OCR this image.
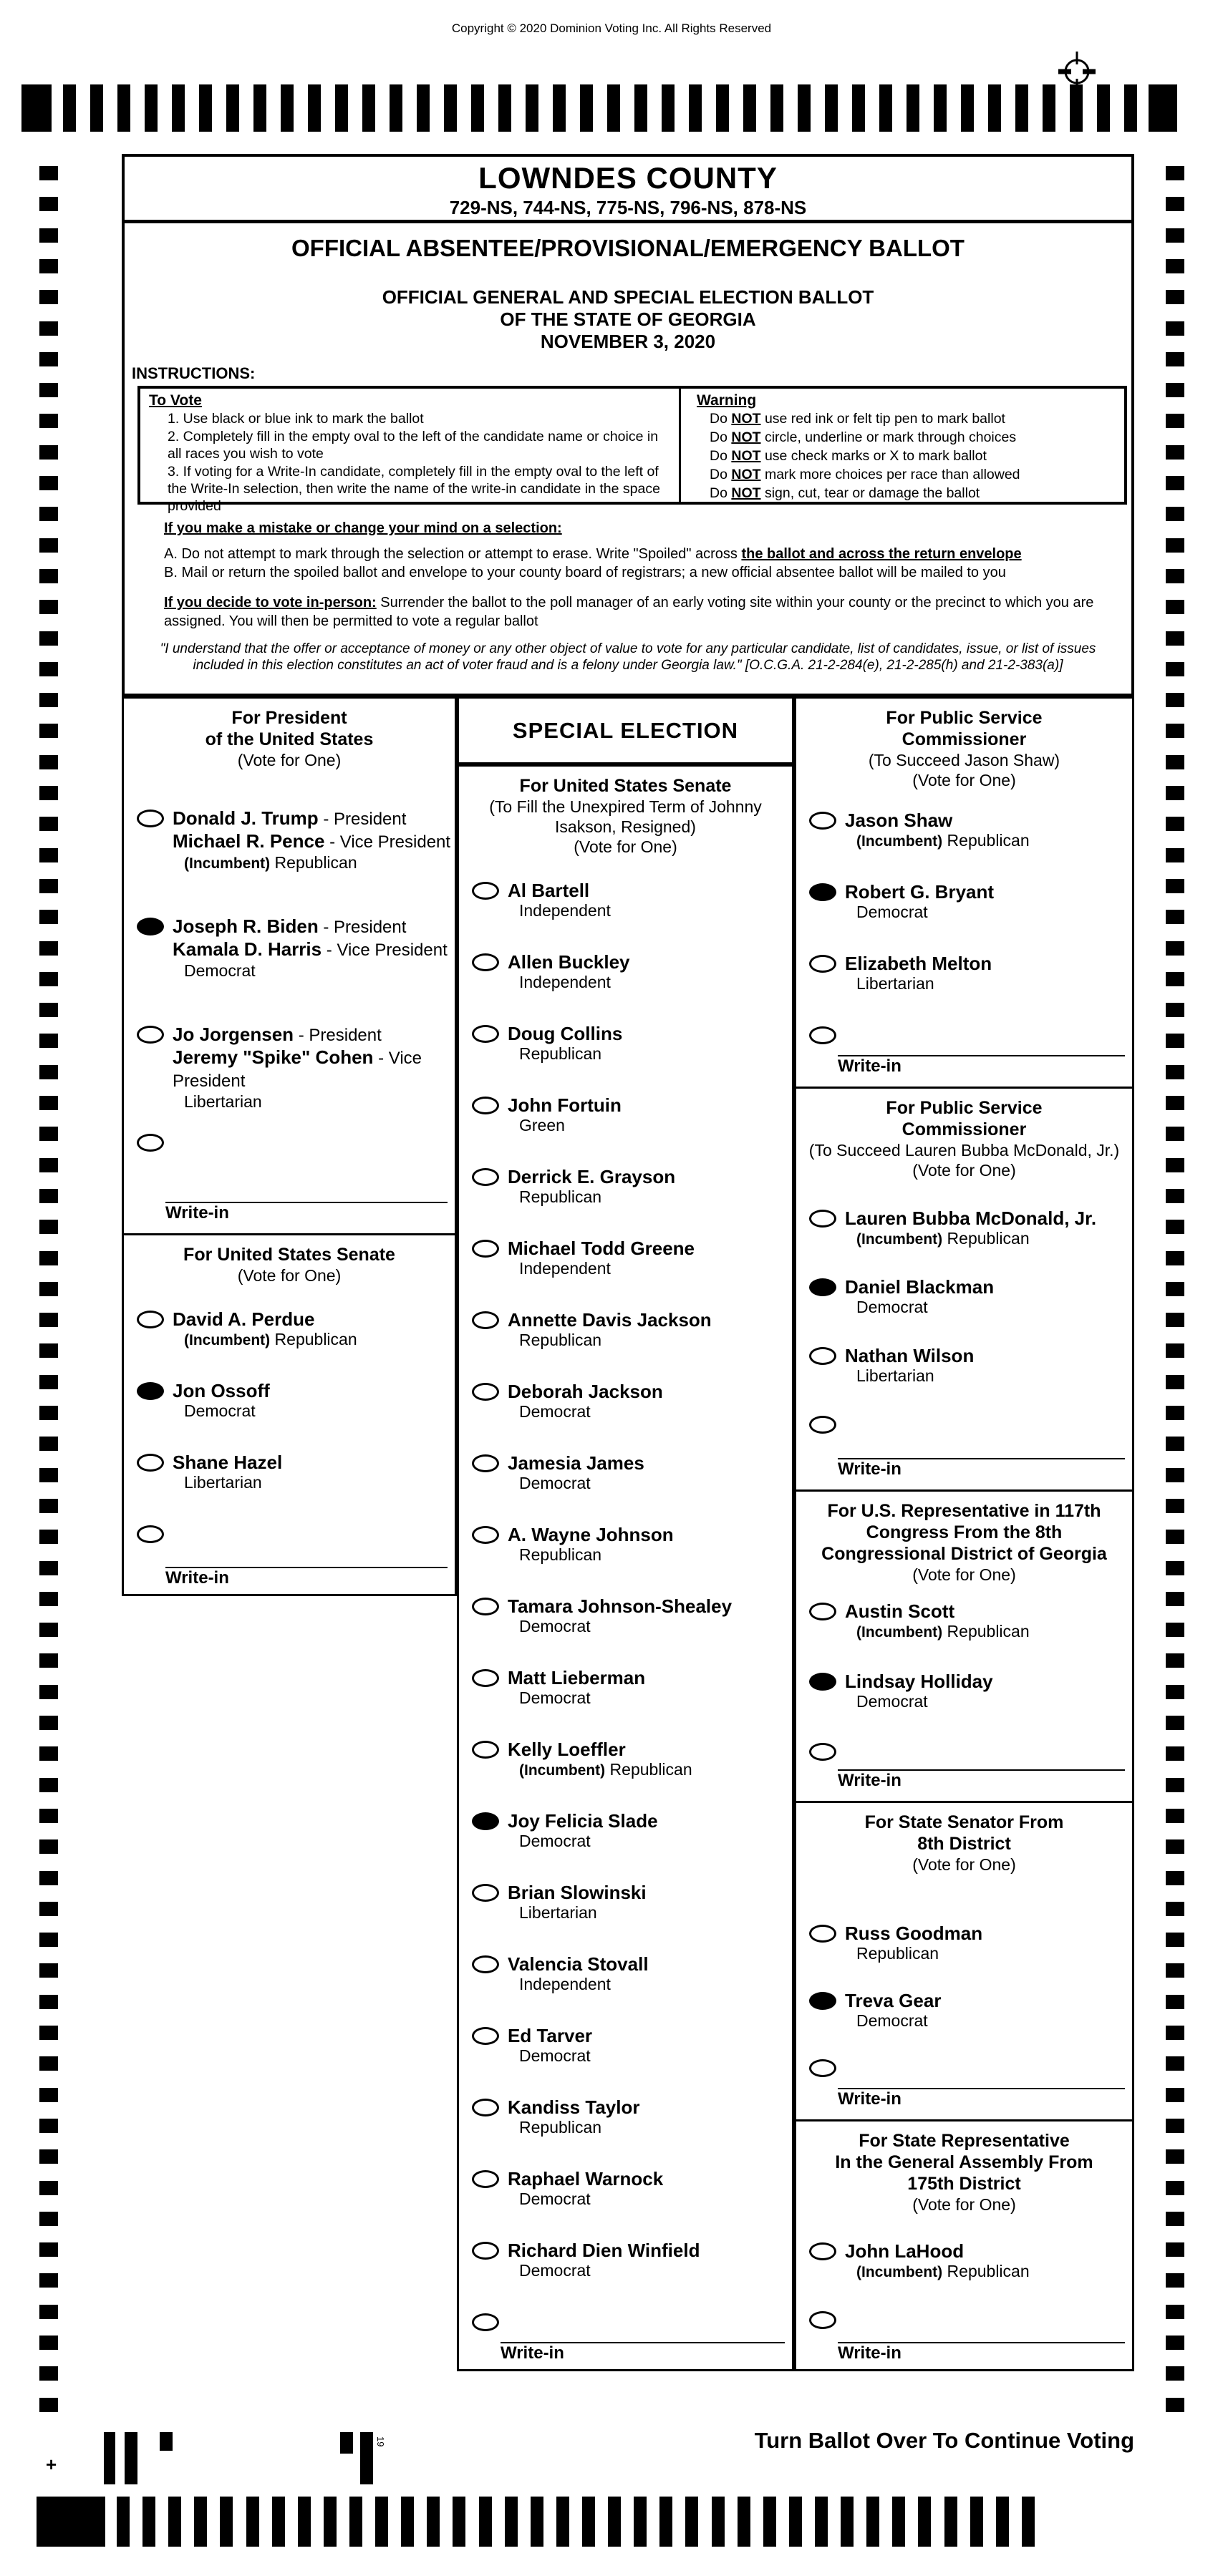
Copyright © 2020 Dominion Voting Inc. All Rights Reserved
LOWNDES COUNTY
729-NS, 744-NS, 775-NS, 796-NS, 878-NS
OFFICIAL ABSENTEE/PROVISIONAL/EMERGENCY BALLOT
OFFICIAL GENERAL AND SPECIAL ELECTION BALLOT
OF THE STATE OF GEORGIA
NOVEMBER 3, 2020
INSTRUCTIONS:
To Vote

1. Use black or blue ink to mark the ballot

2. Completely fill in the empty oval to the left of the candidate name or choice in all races you wish to vote

3. If voting for a Write-In candidate, completely fill in the empty oval to the left of the Write-In selection, then write the name of the write-in candidate in the space provided

Warning

Do NOT use red ink or felt tip pen to mark ballot

Do NOT circle, underline or mark through choices

Do NOT use check marks or X to mark ballot

Do NOT mark more choices per race than allowed

Do NOT sign, cut, tear or damage the ballot

If you make a mistake or change your mind on a selection:

A. Do not attempt to mark through the selection or attempt to erase. Write "Spoiled" across the ballot and across the return envelope

B. Mail or return the spoiled ballot and envelope to your county board of registrars; a new official absentee ballot will be mailed to you

If you decide to vote in-person: Surrender the ballot to the poll manager of an early voting site within your county or the precinct to which you are assigned. You will then be permitted to vote a regular ballot

"I understand that the offer or acceptance of money or any other object of value to vote for any particular candidate, list of candidates, issue, or list of issues included in this election constitutes an act of voter fraud and is a felony under Georgia law." [O.C.G.A. 21-2-284(e), 21-2-285(h) and 21-2-383(a)]

For President
of the United States
(Vote for One)
Donald J. Trump - President
Michael R. Pence - Vice President
(Incumbent) Republican
Joseph R. Biden - President
Kamala D. Harris - Vice President
Democrat
Jo Jorgensen - President
Jeremy "Spike" Cohen - Vice President
Libertarian
Write-in
For United States Senate
(Vote for One)
David A. Perdue
(Incumbent) Republican
Jon Ossoff
Democrat
Shane Hazel
Libertarian
Write-in
SPECIAL ELECTION
For United States Senate
(To Fill the Unexpired Term of Johnny
Isakson, Resigned)
(Vote for One)
Al Bartell
Independent
Allen Buckley
Independent
Doug Collins
Republican
John Fortuin
Green
Derrick E. Grayson
Republican
Michael Todd Greene
Independent
Annette Davis Jackson
Republican
Deborah Jackson
Democrat
Jamesia James
Democrat
A. Wayne Johnson
Republican
Tamara Johnson-Shealey
Democrat
Matt Lieberman
Democrat
Kelly Loeffler
(Incumbent) Republican
Joy Felicia Slade
Democrat
Brian Slowinski
Libertarian
Valencia Stovall
Independent
Ed Tarver
Democrat
Kandiss Taylor
Republican
Raphael Warnock
Democrat
Richard Dien Winfield
Democrat
Write-in
For Public Service
Commissioner
(To Succeed Jason Shaw)
(Vote for One)
Jason Shaw
(Incumbent) Republican
Robert G. Bryant
Democrat
Elizabeth Melton
Libertarian
Write-in
For Public Service
Commissioner
(To Succeed Lauren Bubba McDonald, Jr.)
(Vote for One)
Lauren Bubba McDonald, Jr.
(Incumbent) Republican
Daniel Blackman
Democrat
Nathan Wilson
Libertarian
Write-in
For U.S. Representative in 117th
Congress From the 8th
Congressional District of Georgia
(Vote for One)
Austin Scott
(Incumbent) Republican
Lindsay Holliday
Democrat
Write-in
For State Senator From
8th District
(Vote for One)
Russ Goodman
Republican
Treva Gear
Democrat
Write-in
For State Representative
In the General Assembly From
175th District
(Vote for One)
John LaHood
(Incumbent) Republican
Write-in
+
19	Turn Ballot Over To Continue Voting
